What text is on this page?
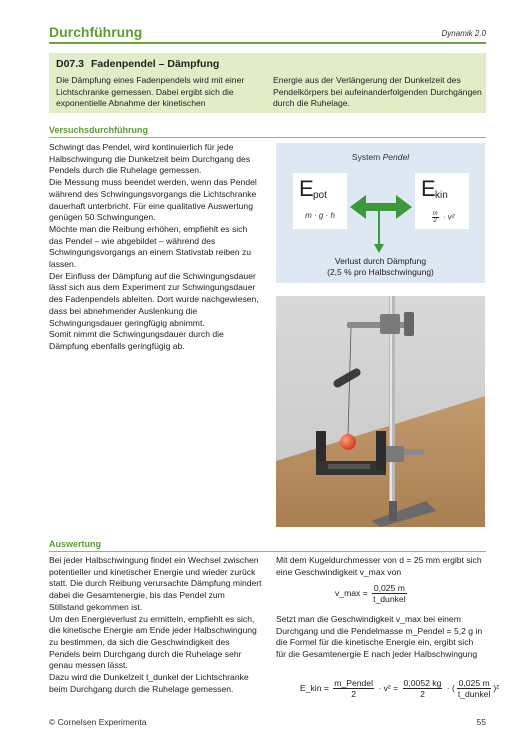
Durchführung	Dynamik 2.0
D07.3 Fadenpendel – Dämpfung
Die Dämpfung eines Fadenpendels wird mit einer Lichtschranke gemessen. Dabei ergibt sich die exponentielle Abnahme der kinetischen
Energie aus der Verlängerung der Dunkelzeit des Pendelkörpers bei aufeinanderfolgenden Durchgängen durch die Ruhelage.
Versuchsdurchführung

Schwingt das Pendel, wird kontinuierlich für jede Halbschwingung die Dunkelzeit beim Durchgang des Pendels durch die Ruhelage gemessen.

Die Messung muss beendet werden, wenn das Pendel während des Schwingungsvorgangs die Lichtschranke dauerhaft unterbricht. Für eine qualitative Auswertung genügen 50 Schwingungen.

Möchte man die Reibung erhöhen, empfiehlt es sich das Pendel – wie abgebildet – während des Schwingungsvorgangs an einem Stativstab reiben zu lassen.

Der Einfluss der Dämpfung auf die Schwingungsdauer lässt sich aus dem Experiment zur Schwingungsdauer des Fadenpendels ableiten. Dort wurde nachgewiesen, dass bei abnehmender Auslenkung die Schwingungsdauer geringfügig abnimmt.

Somit nimmt die Schwingungsdauer durch die Dämpfung ebenfalls geringfügig ab.

System Pendel
E pot
m · g · h
E kin
$\frac{m}{2} \cdot v^2$
Verlust durch Dämpfung
(2,5 % pro Halbschwingung)
Auswertung

Bei jeder Halbschwingung findet ein Wechsel zwischen potentieller und kinetischer Energie und wieder zurück statt. Die durch Reibung verursachte Dämpfung mindert dabei die Gesamtenergie, bis das Pendel zum Stillstand gekommen ist.

Um den Energieverlust zu ermitteln, empfiehlt es sich, die kinetische Energie am Ende jeder Halbschwingung zu bestimmen, da sich die Geschwindigkeit des Pendels beim Durchgang durch die Ruhelage sehr genau messen lässt.

Dazu wird die Dunkelzeit t_dunkel der Lichtschranke beim Durchgang durch die Ruhelage gemessen.

Mit dem Kugeldurchmesser von d = 25 mm ergibt sich eine Geschwindigkeit v_max von
v_max = $\frac{0,025 m}{\text{t\_dunkel}}$
Setzt man die Geschwindigkeit v_max bei einem Durchgang und die Pendelmasse m_Pendel = 5,2 g in die Formel für die kinetische Energie ein, ergibt sich für die Gesamtenergie E nach jeder Halbschwingung
E_kin = $\frac{\text{m\_Pendel}}{2} \cdot v^2 = \frac{0,0052 kg}{2}$ · ( $\frac{0,025 m}{\text{t\_dunkel}} )^2$
© Cornelsen Experimenta	55
